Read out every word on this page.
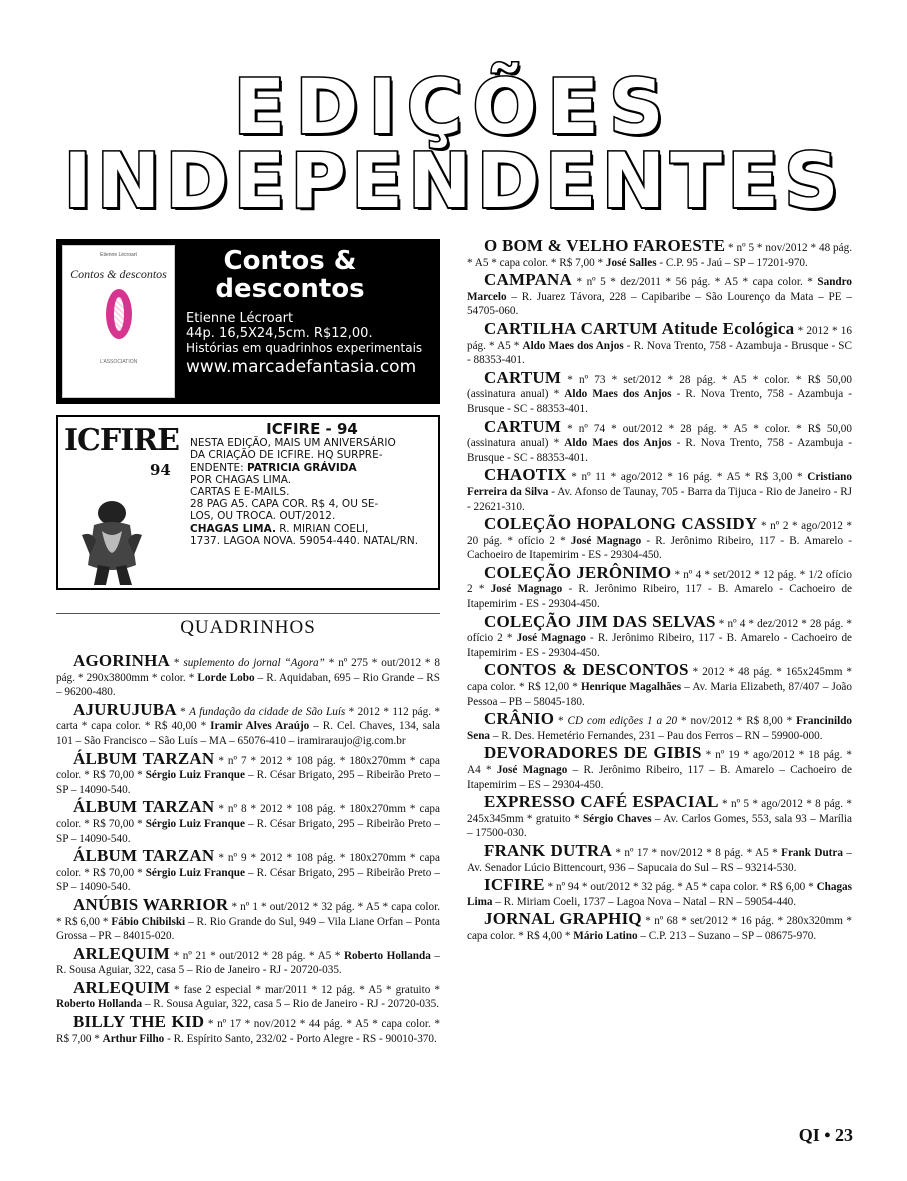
EDIÇÕES
INDEPENDENTES
Etienne Lécroart
Contos & descontos
L'ASSOCIATION
Contos &
descontos
Etienne Lécroart
44p. 16,5X24,5cm. R$12,00.
Histórias em quadrinhos experimentais
www.marcadefantasia.com
ICFIRE
94
ICFIRE - 94
NESTA EDIÇÃO, MAIS UM ANIVERSÁRIO
DA CRIAÇÃO DE ICFIRE. HQ SURPRE-
ENDENTE: PATRICIA GRÁVIDA
POR CHAGAS LIMA.
CARTAS E E-MAILS.
28 PAG A5. CAPA COR. R$ 4, OU SE-
LOS, OU TROCA. OUT/2012.
CHAGAS LIMA. R. MIRIAN COELI,
1737. LAGOA NOVA. 59054-440. NATAL/RN.
QUADRINHOS

AGORINHA * suplemento do jornal “Agora” * nº 275 * out/2012 * 8 pág. * 290x3800mm * color. * Lorde Lobo – R. Aquidaban, 695 – Rio Grande – RS – 96200-480.

AJURUJUBA * A fundação da cidade de São Luís * 2012 * 112 pág. * carta * capa color. * R$ 40,00 * Iramir Alves Araújo – R. Cel. Chaves, 134, sala 101 – São Francisco – São Luís – MA – 65076-410 – iramiraraujo@ig.com.br

ÁLBUM TARZAN * nº 7 * 2012 * 108 pág. * 180x270mm * capa color. * R$ 70,00 * Sérgio Luiz Franque – R. César Brigato, 295 – Ribeirão Preto – SP – 14090-540.

ÁLBUM TARZAN * nº 8 * 2012 * 108 pág. * 180x270mm * capa color. * R$ 70,00 * Sérgio Luiz Franque – R. César Brigato, 295 – Ribeirão Preto – SP – 14090-540.

ÁLBUM TARZAN * nº 9 * 2012 * 108 pág. * 180x270mm * capa color. * R$ 70,00 * Sérgio Luiz Franque – R. César Brigato, 295 – Ribeirão Preto – SP – 14090-540.

ANÚBIS WARRIOR * nº 1 * out/2012 * 32 pág. * A5 * capa color. * R$ 6,00 * Fábio Chibilski – R. Rio Grande do Sul, 949 – Vila Liane Orfan – Ponta Grossa – PR – 84015-020.

ARLEQUIM * nº 21 * out/2012 * 28 pág. * A5 * Roberto Hollanda – R. Sousa Aguiar, 322, casa 5 – Rio de Janeiro - RJ - 20720-035.

ARLEQUIM * fase 2 especial * mar/2011 * 12 pág. * A5 * gratuito * Roberto Hollanda – R. Sousa Aguiar, 322, casa 5 – Rio de Janeiro - RJ - 20720-035.

BILLY THE KID * nº 17 * nov/2012 * 44 pág. * A5 * capa color. * R$ 7,00 * Arthur Filho - R. Espírito Santo, 232/02 - Porto Alegre - RS - 90010-370.

O BOM & VELHO FAROESTE * nº 5 * nov/2012 * 48 pág. * A5 * capa color. * R$ 7,00 * José Salles - C.P. 95 - Jaú – SP – 17201-970.

CAMPANA * nº 5 * dez/2011 * 56 pág. * A5 * capa color. * Sandro Marcelo – R. Juarez Távora, 228 – Capibaribe – São Lourenço da Mata – PE – 54705-060.

CARTILHA CARTUM Atitude Ecológica * 2012 * 16 pág. * A5 * Aldo Maes dos Anjos - R. Nova Trento, 758 - Azambuja - Brusque - SC - 88353-401.

CARTUM * nº 73 * set/2012 * 28 pág. * A5 * color. * R$ 50,00 (assinatura anual) * Aldo Maes dos Anjos - R. Nova Trento, 758 - Azambuja - Brusque - SC - 88353-401.

CARTUM * nº 74 * out/2012 * 28 pág. * A5 * color. * R$ 50,00 (assinatura anual) * Aldo Maes dos Anjos - R. Nova Trento, 758 - Azambuja - Brusque - SC - 88353-401.

CHAOTIX * nº 11 * ago/2012 * 16 pág. * A5 * R$ 3,00 * Cristiano Ferreira da Silva - Av. Afonso de Taunay, 705 - Barra da Tijuca - Rio de Janeiro - RJ - 22621-310.

COLEÇÃO HOPALONG CASSIDY * nº 2 * ago/2012 * 20 pág. * ofício 2 * José Magnago - R. Jerônimo Ribeiro, 117 - B. Amarelo - Cachoeiro de Itapemirim - ES - 29304-450.

COLEÇÃO JERÔNIMO * nº 4 * set/2012 * 12 pág. * 1/2 ofício 2 * José Magnago - R. Jerônimo Ribeiro, 117 - B. Amarelo - Cachoeiro de Itapemirim - ES - 29304-450.

COLEÇÃO JIM DAS SELVAS * nº 4 * dez/2012 * 28 pág. * ofício 2 * José Magnago - R. Jerônimo Ribeiro, 117 - B. Amarelo - Cachoeiro de Itapemirim - ES - 29304-450.

CONTOS & DESCONTOS * 2012 * 48 pág. * 165x245mm * capa color. * R$ 12,00 * Henrique Magalhães – Av. Maria Elizabeth, 87/407 – João Pessoa – PB – 58045-180.

CRÂNIO * CD com edições 1 a 20 * nov/2012 * R$ 8,00 * Francinildo Sena – R. Des. Hemetério Fernandes, 231 – Pau dos Ferros – RN – 59900-000.

DEVORADORES DE GIBIS * nº 19 * ago/2012 * 18 pág. * A4 * José Magnago – R. Jerônimo Ribeiro, 117 – B. Amarelo – Cachoeiro de Itapemirim – ES – 29304-450.

EXPRESSO CAFÉ ESPACIAL * nº 5 * ago/2012 * 8 pág. * 245x345mm * gratuito * Sérgio Chaves – Av. Carlos Gomes, 553, sala 93 – Marília – 17500-030.

FRANK DUTRA * nº 17 * nov/2012 * 8 pág. * A5 * Frank Dutra – Av. Senador Lúcio Bittencourt, 936 – Sapucaia do Sul – RS – 93214-530.

ICFIRE * nº 94 * out/2012 * 32 pág. * A5 * capa color. * R$ 6,00 * Chagas Lima – R. Miriam Coeli, 1737 – Lagoa Nova – Natal – RN – 59054-440.

JORNAL GRAPHIQ * nº 68 * set/2012 * 16 pág. * 280x320mm * capa color. * R$ 4,00 * Mário Latino – C.P. 213 – Suzano – SP – 08675-970.

QI • 23
